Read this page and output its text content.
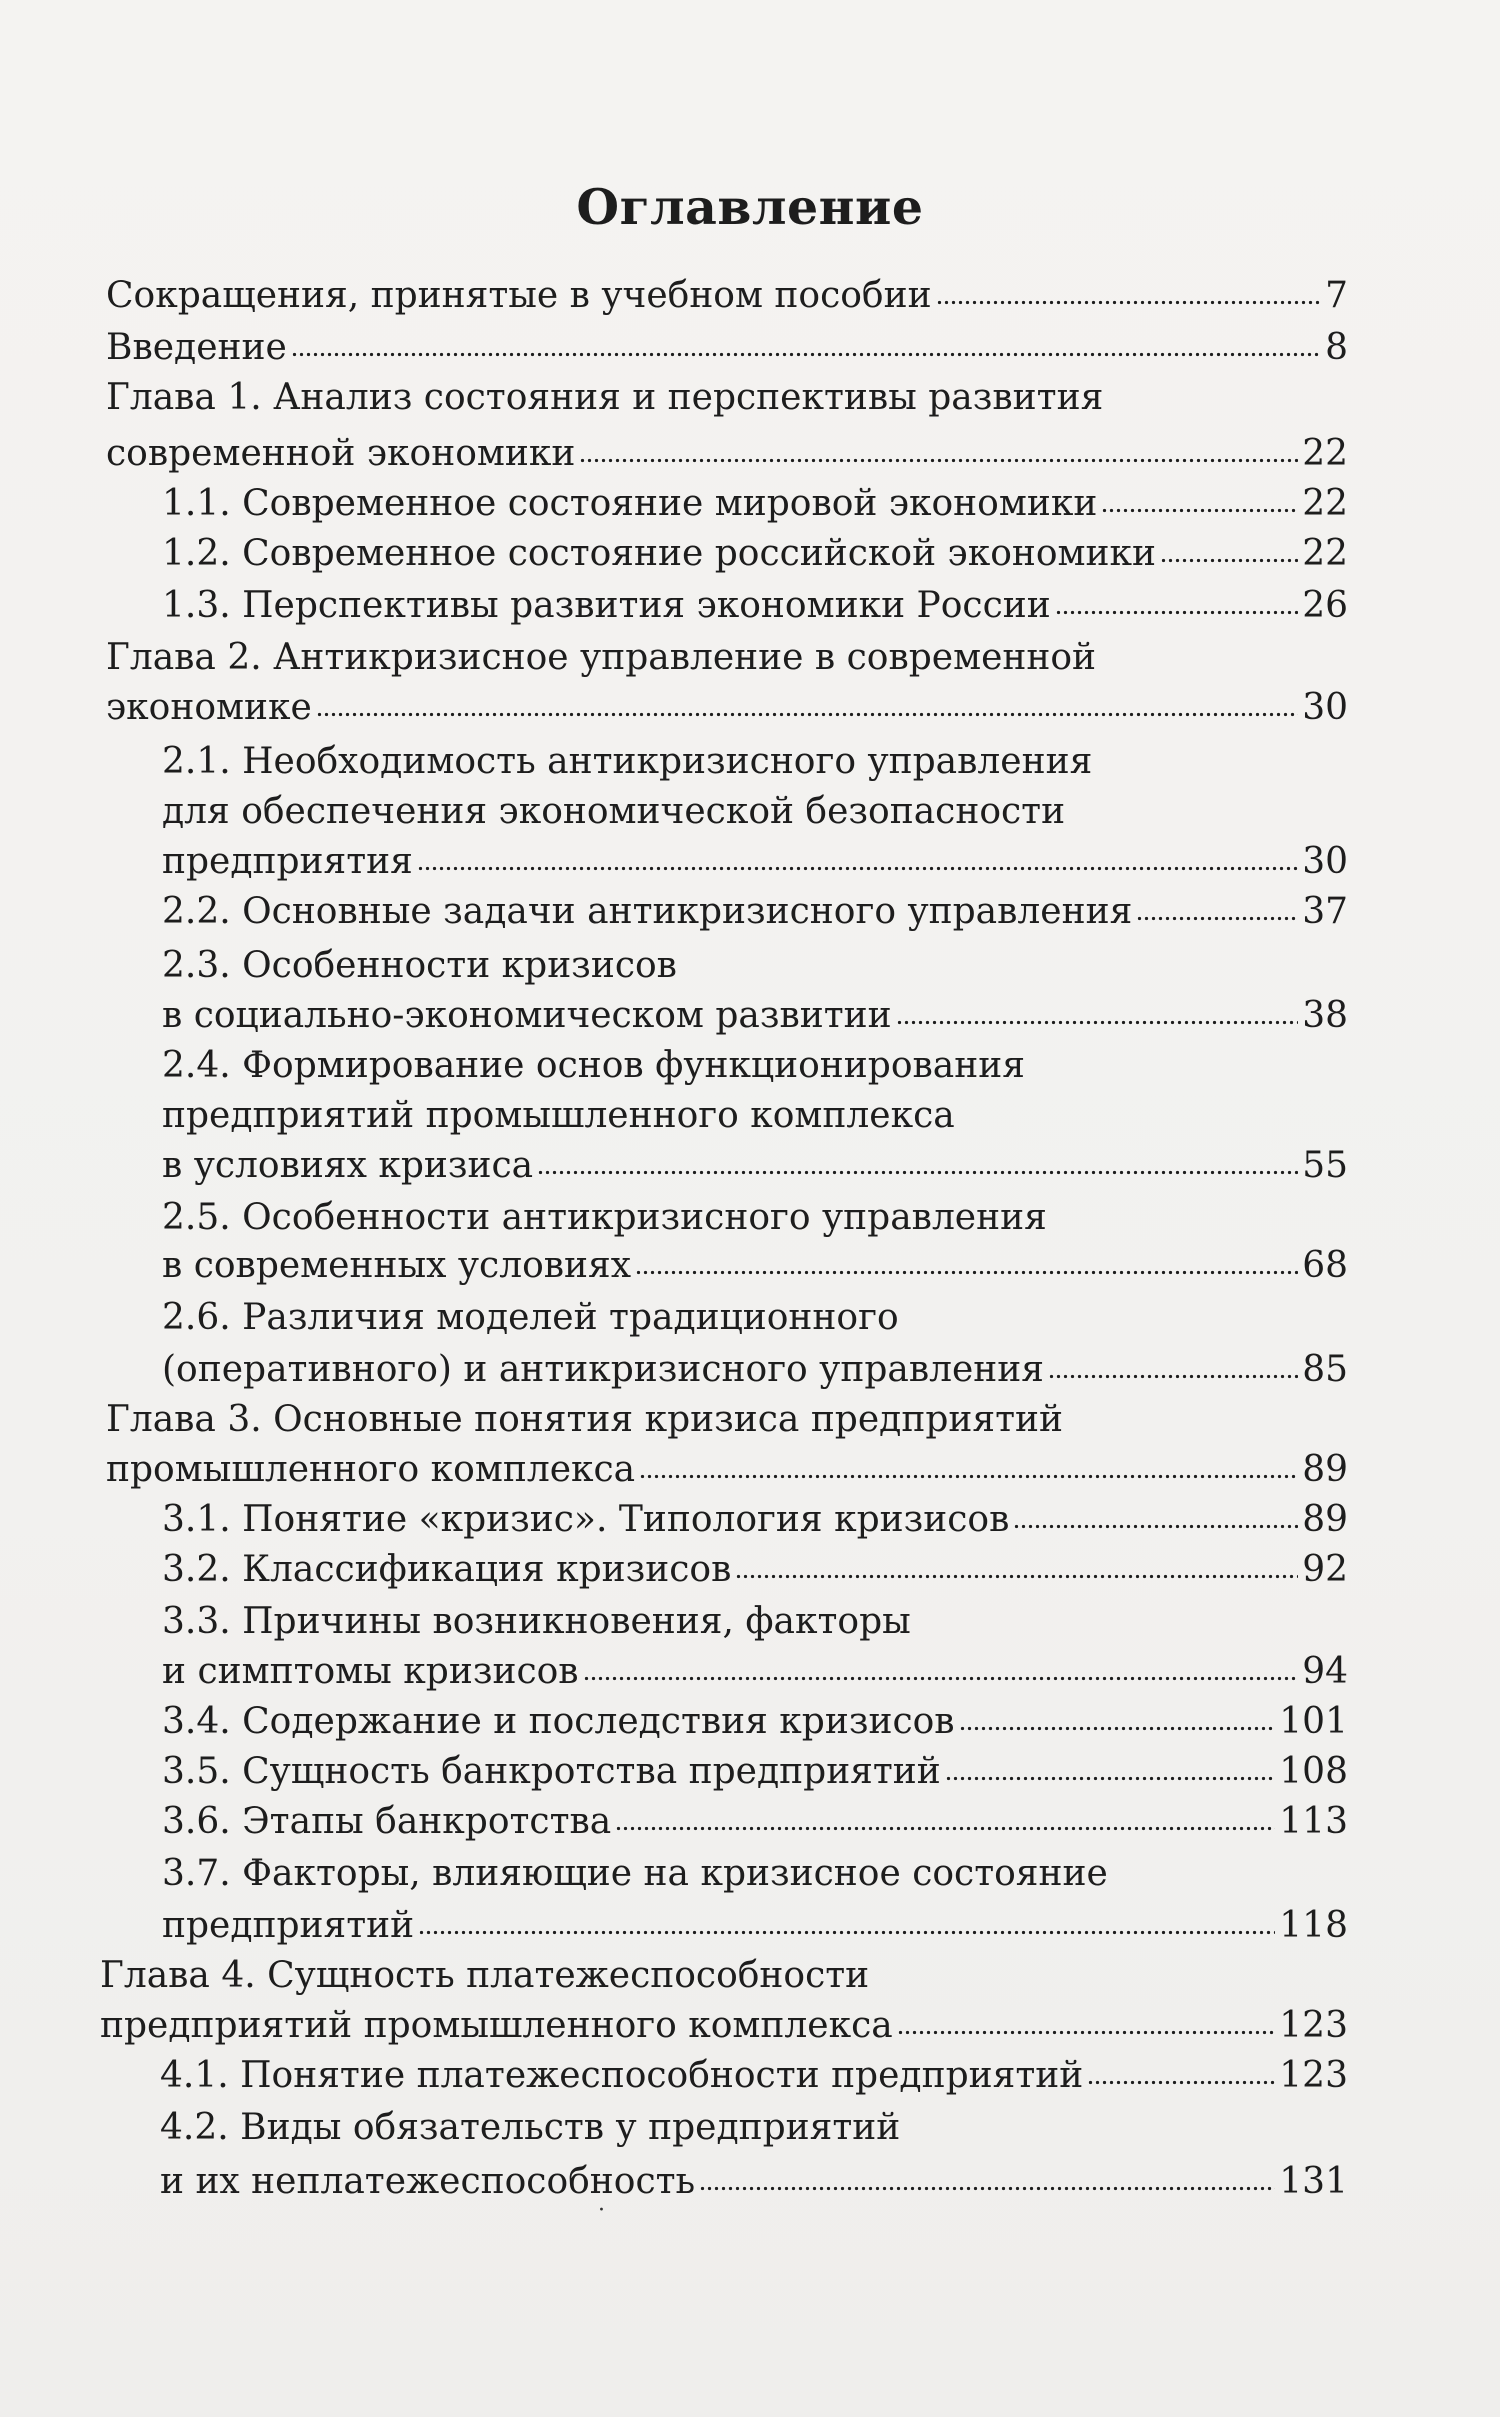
Оглавление
Сокращения, принятые в учебном пособии	7
Введение	8
Глава 1. Анализ состояния и перспективы развития
современной экономики	22
1.1. Современное состояние мировой экономики	22
1.2. Современное состояние российской экономики	22
1.3. Перспективы развития экономики России	26
Глава 2. Антикризисное управление в современной
экономике	30
2.1. Необходимость антикризисного управления
для обеспечения экономической безопасности
предприятия	30
2.2. Основные задачи антикризисного управления	37
2.3. Особенности кризисов
в социально-экономическом развитии	38
2.4. Формирование основ функционирования
предприятий промышленного комплекса
в условиях кризиса	55
2.5. Особенности антикризисного управления
в современных условиях	68
2.6. Различия моделей традиционного
(оперативного) и антикризисного управления	85
Глава 3. Основные понятия кризиса предприятий
промышленного комплекса	89
3.1. Понятие «кризис». Типология кризисов	89
3.2. Классификация кризисов	92
3.3. Причины возникновения, факторы
и симптомы кризисов	94
3.4. Содержание и последствия кризисов	101
3.5. Сущность банкротства предприятий	108
3.6. Этапы банкротства	113
3.7. Факторы, влияющие на кризисное состояние
предприятий	118
Глава 4. Сущность платежеспособности
предприятий промышленного комплекса	123
4.1. Понятие платежеспособности предприятий	123
4.2. Виды обязательств у предприятий
и их неплатежеспособность	131
·
